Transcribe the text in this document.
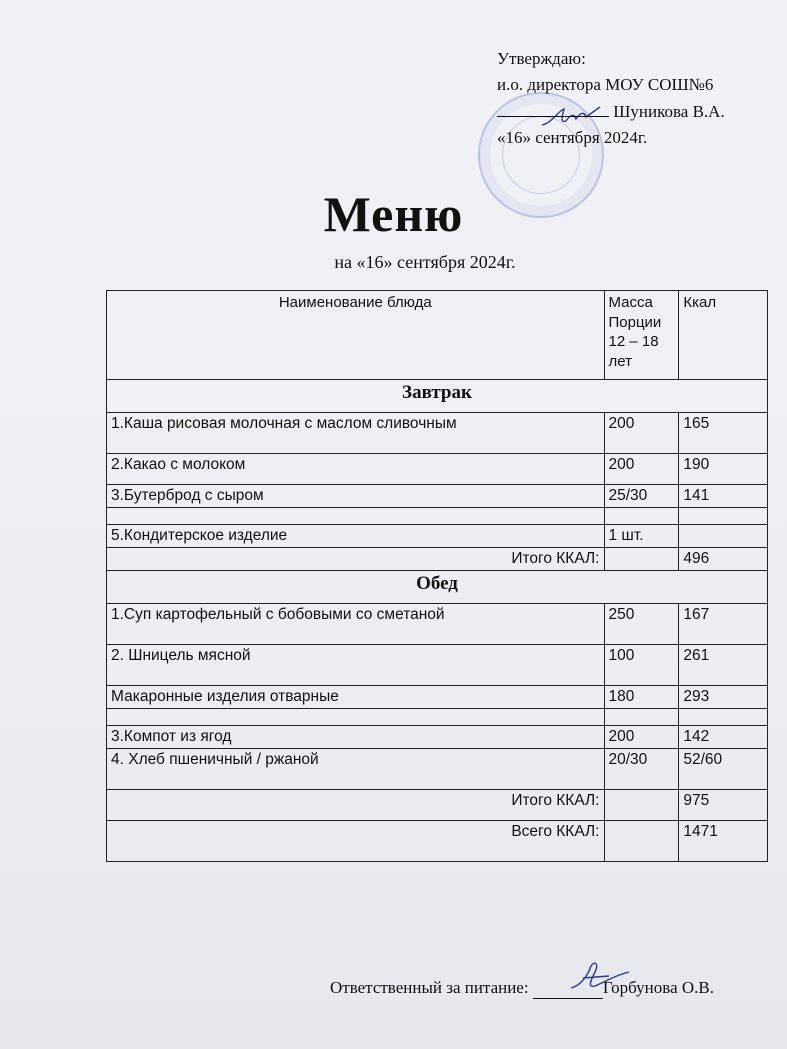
Утверждаю:
и.о. директора МОУ СОШ№6
Шуникова В.А.
«16» сентября 2024г.
Меню
на «16» сентября 2024г.
Наименование блюда	Масса Порции 12 – 18 лет	Ккал
Завтрак		
1.Каша рисовая молочная с маслом сливочным	200	165
2.Какао с молоком	200	190
3.Бутерброд с сыром	25/30	141

5.Кондитерское изделие	1 шт.	
Итого ККАЛ:		496
Обед		
1.Суп картофельный с бобовыми со сметаной	250	167
2. Шницель мясной	100	261
Макаронные изделия отварные	180	293

3.Компот из ягод	200	142
4. Хлеб пшеничный / ржаной	20/30	52/60
Итого ККАЛ:		975
Всего ККАЛ:		1471
Ответственный за питание:	Горбунова О.В.
